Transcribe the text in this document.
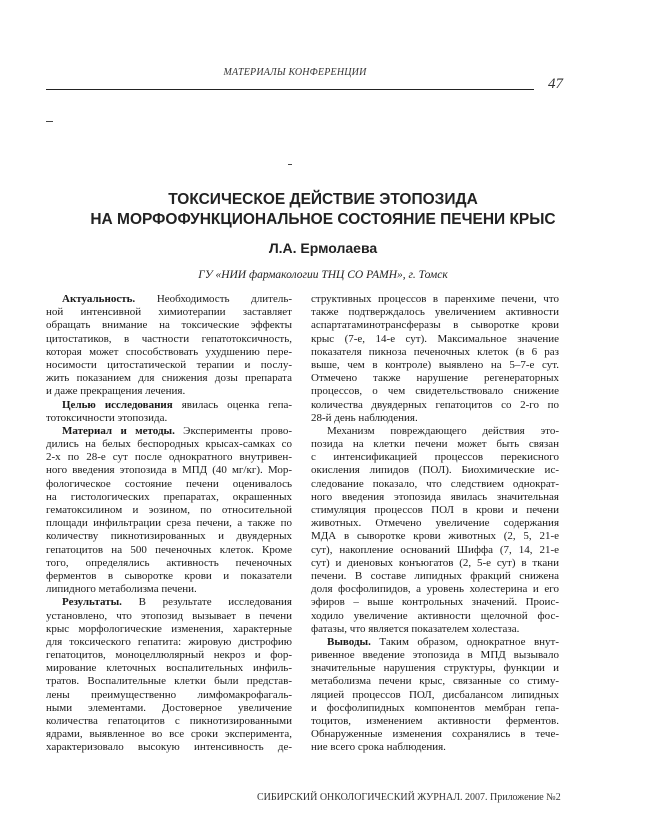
МАТЕРИАЛЫ КОНФЕРЕНЦИИ
47
ТОКСИЧЕСКОЕ ДЕЙСТВИЕ ЭТОПОЗИДА
НА МОРФОФУНКЦИОНАЛЬНОЕ СОСТОЯНИЕ ПЕЧЕНИ КРЫС
Л.А. Ермолаева
ГУ «НИИ фармакологии ТНЦ СО РАМН», г. Томск
Актуальность. Необходимость длитель-
ной интенсивной химиотерапии заставляет
обращать внимание на токсические эффекты
цитостатиков, в частности гепатотоксичность,
которая может способствовать ухудшению пере-
носимости цитостатической терапии и послу-
жить показанием для снижения дозы препарата
и даже прекращения лечения.
Целью исследования явилась оценка гепа-
тотоксичности этопозида.
Материал и методы. Эксперименты прово-
дились на белых беспородных крысах-самках со
2-х по 28-е сут после однократного внутривен-
ного введения этопозида в МПД (40 мг/кг). Мор-
фологическое состояние печени оценивалось
на гистологических препаратах, окрашенных
гематоксилином и эозином, по относительной
площади инфильтрации среза печени, а также по
количеству пикнотизированных и двуядерных
гепатоцитов на 500 печеночных клеток. Кроме
того, определялись активность печеночных
ферментов в сыворотке крови и показатели
липидного метаболизма печени.
Результаты. В результате исследования
установлено, что этопозид вызывает в печени
крыс морфологические изменения, характерные
для токсического гепатита: жировую дистрофию
гепатоцитов, моноцеллюлярный некроз и фор-
мирование клеточных воспалительных инфиль-
тратов. Воспалительные клетки были представ-
лены преимущественно лимфомакрофагаль-
ными элементами. Достоверное увеличение
количества гепатоцитов с пикнотизированными
ядрами, выявленное во все сроки эксперимента,
характеризовало высокую интенсивность де-
структивных процессов в паренхиме печени, что
также подтверждалось увеличением активности
аспартатаминотрансферазы в сыворотке крови
крыс (7-е, 14-е сут). Максимальное значение
показателя пикноза печеночных клеток (в 6 раз
выше, чем в контроле) выявлено на 5–7-е сут.
Отмечено также нарушение регенераторных
процессов, о чем свидетельствовало снижение
количества двуядерных гепатоцитов со 2-го по
28-й день наблюдения.
Механизм повреждающего действия это-
позида на клетки печени может быть связан
с интенсификацией процессов перекисного
окисления липидов (ПОЛ). Биохимические ис-
следование показало, что следствием однократ-
ного введения этопозида явилась значительная
стимуляция процессов ПОЛ в крови и печени
животных. Отмечено увеличение содержания
МДА в сыворотке крови животных (2, 5, 21-е
сут), накопление оснований Шиффа (7, 14, 21-е
сут) и диеновых конъюгатов (2, 5-е сут) в ткани
печени. В составе липидных фракций снижена
доля фосфолипидов, а уровень холестерина и его
эфиров – выше контрольных значений. Проис-
ходило увеличение активности щелочной фос-
фатазы, что является показателем холестаза.
Выводы. Таким образом, однократное внут-
ривенное введение этопозида в МПД вызывало
значительные нарушения структуры, функции и
метаболизма печени крыс, связанные со стиму-
ляцией процессов ПОЛ, дисбалансом липидных
и фосфолипидных компонентов мембран гепа-
тоцитов, изменением активности ферментов.
Обнаруженные изменения сохранялись в тече-
ние всего срока наблюдения.
СИБИРСКИЙ ОНКОЛОГИЧЕСКИЙ ЖУРНАЛ. 2007. Приложение №2
